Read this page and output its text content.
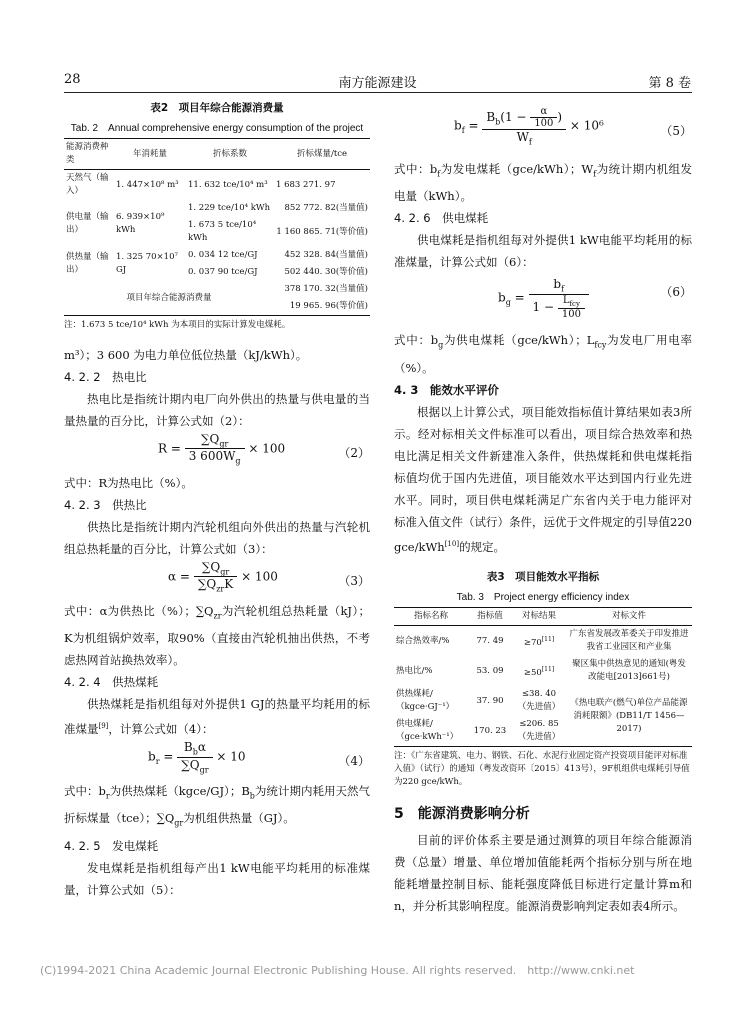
28	南方能源建设	第 8 卷
表2　项目年综合能源消费量
Tab. 2　Annual comprehensive energy consumption of the project
能源消费种类	年消耗量	折标系数	折标煤量/tce
天然气（输入）	1. 447×10⁸ m³	11. 632 tce/10⁴ m³	1 683 271. 97
供电量（输出）	6. 939×10⁹ kWh	1. 229 tce/10⁴ kWh	852 772. 82(当量值)
		1. 673 5 tce/10⁴ kWh	1 160 865. 71(等价值)
供热量（输出）	1. 325 70×10⁷ GJ	0. 034 12 tce/GJ	452 328. 84(当量值)
		0. 037 90 tce/GJ	502 440. 30(等价值)
项目年综合能源消费量			378 170. 32(当量值)
			19 965. 96(等价值)

注：1.673 5 tce/10⁴ kWh 为本项目的实际计算发电煤耗。

m³）；3 600 为电力单位低位热量（kJ/kWh）。

4. 2. 2　热电比

热电比是指统计期内电厂向外供出的热量与供电量的当量热量的百分比，计算公式如（2）：

$R = \frac{\sum Q_{gr}}{3 600W_g} \times 100$	（2）

式中：R为热电比（%）。

4. 2. 3　供热比

供热比是指统计期内汽轮机组向外供出的热量与汽轮机组总热耗量的百分比，计算公式如（3）：

$\alpha = \frac{\sum Q_{gr}}{\sum Q_{zr}K} \times 100$	（3）

式中：α为供热比（%）；$\sum Q_{zr}$为汽轮机组总热耗量（kJ）；K为机组锅炉效率，取90%（直接由汽轮机抽出供热，不考虑热网首站换热效率）。

4. 2. 4　供热煤耗

供热煤耗是指机组每对外提供1 GJ的热量平均耗用的标准煤量[9]，计算公式如（4）：

$b_r = \frac{B_b\alpha}{\sum Q_{gr}} \times 10$	（4）

式中：$b_r$为供热煤耗（kgce/GJ）；$B_b$为统计期内耗用天然气折标煤量（tce）；$\sum Q_{gr}$为机组供热量（GJ）。

4. 2. 5　发电煤耗

发电煤耗是指机组每产出1 kW电能平均耗用的标准煤量，计算公式如（5）：

$b_f = \frac{B_b(1 - \frac{\alpha}{100} )}{W_f} \times 10^6$	（5）

式中：$b_f$为发电煤耗（gce/kWh）；$W_f$为统计期内机组发电量（kWh）。

4. 2. 6　供电煤耗

供电煤耗是指机组每对外提供1 kW电能平均耗用的标准煤量，计算公式如（6）：

$b_g = \frac{b_f}{1 - \frac{L_{fcy}}{100}}$	（6）

式中：$b_g$为供电煤耗（gce/kWh）；$L_{fcy}$为发电厂用电率（%）。

4. 3　能效水平评价

根据以上计算公式，项目能效指标值计算结果如表3所示。经对标相关文件标准可以看出，项目综合热效率和热电比满足相关文件新建准入条件，供热煤耗和供电煤耗指标值均优于国内先进值，项目能效水平达到国内行业先进水平。同时，项目供电煤耗满足广东省内关于电力能评对标准入值文件（试行）条件，远优于文件规定的引导值220 gce/kWh[10]的规定。

表3　项目能效水平指标
Tab. 3　Project energy efficiency index
指标名称	指标值	对标结果	对标文件
综合热效率/%	77. 49	≥70[11]	广东省发展改革委关于印发推进我省工业园区和产业集
热电比/%	53. 09	≥50[11]	聚区集中供热意见的通知(粤发改能电[2013]661号)
供热煤耗/（kgce·GJ⁻¹）	37. 90	≤38. 40（先进值）	《热电联产(燃气)单位产品能源消耗限额》(DB11/T 1456—2017)
供电煤耗/（gce·kWh⁻¹）	170. 23	≤206. 85（先进值）	

注：《广东省建筑、电力、钢铁、石化、水泥行业固定资产投资项目能评对标准入值》（试行）的通知（粤发改资环〔2015〕413号），9F机组供电煤耗引导值为220 gce/kWh。

5　能源消费影响分析

目前的评价体系主要是通过测算的项目年综合能源消费（总量）增量、单位增加值能耗两个指标分别与所在地能耗增量控制目标、能耗强度降低目标进行定量计算m和n，并分析其影响程度。能源消费影响判定表如表4所示。

(C)1994-2021 China Academic Journal Electronic Publishing House. All rights reserved.　http://www.cnki.net
